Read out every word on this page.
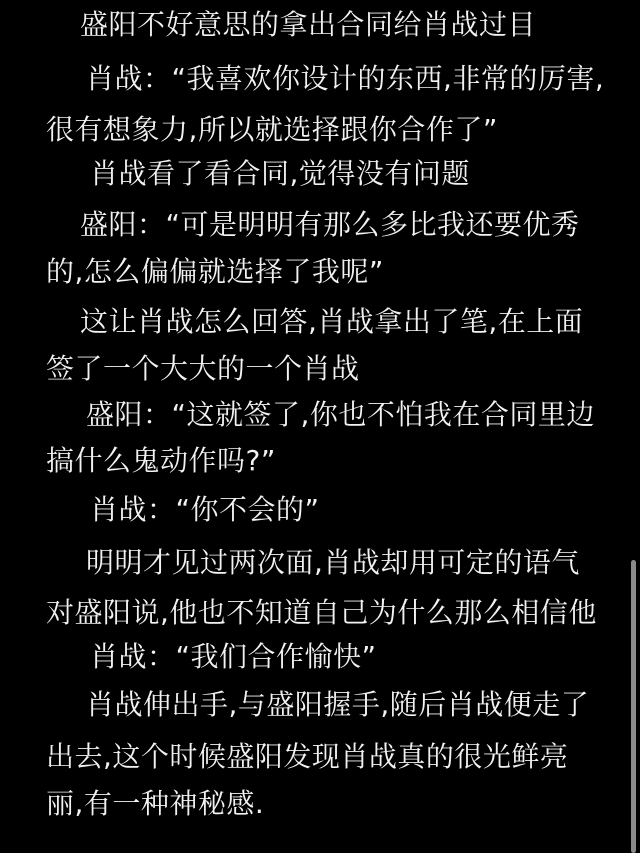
盛阳不好意思的拿出合同给肖战过目
肖战：“我喜欢你设计的东西,非常的厉害,
很有想象力,所以就选择跟你合作了”
肖战看了看合同,觉得没有问题
盛阳：“可是明明有那么多比我还要优秀
的,怎么偏偏就选择了我呢”
这让肖战怎么回答,肖战拿出了笔,在上面
签了一个大大的一个肖战
盛阳：“这就签了,你也不怕我在合同里边
搞什么鬼动作吗?”
肖战：“你不会的”
明明才见过两次面,肖战却用可定的语气
对盛阳说,他也不知道自己为什么那么相信他
肖战：“我们合作愉快”
肖战伸出手,与盛阳握手,随后肖战便走了
出去,这个时候盛阳发现肖战真的很光鲜亮
丽,有一种神秘感.
